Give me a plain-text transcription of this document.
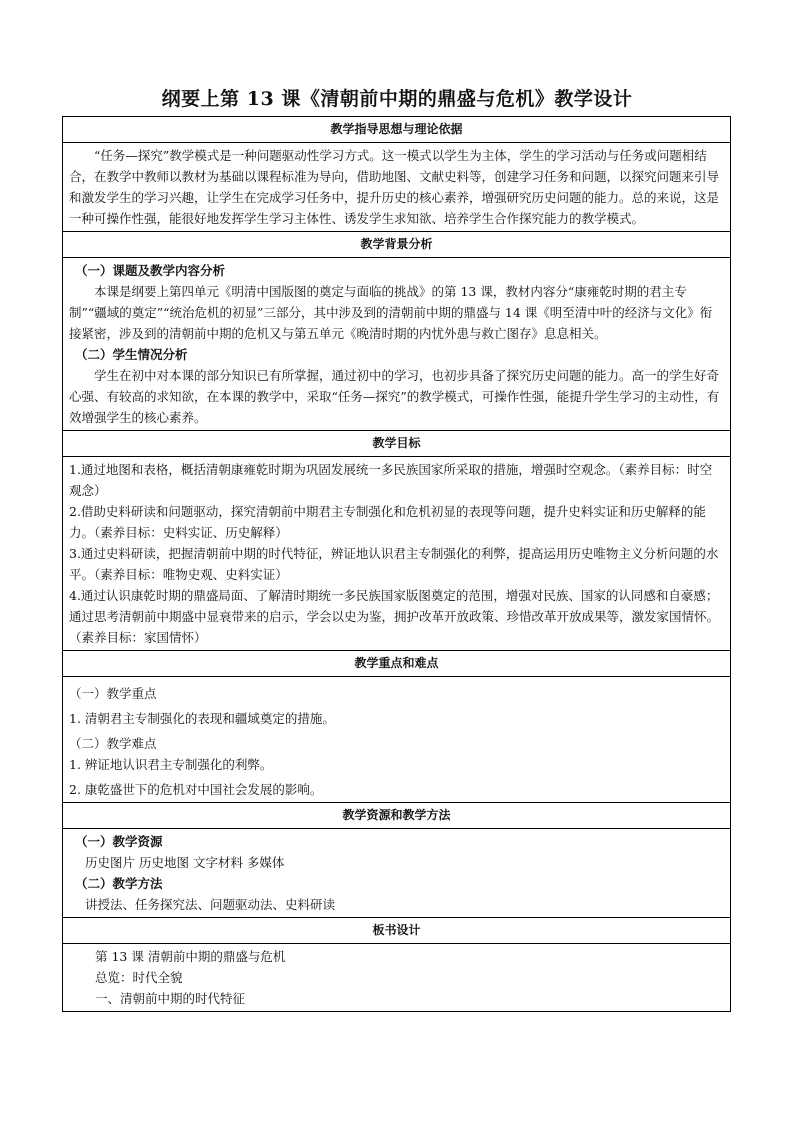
纲要上第 13 课《清朝前中期的鼎盛与危机》教学设计
教学指导思想与理论依据

“任务—探究”教学模式是一种问题驱动性学习方式。这一模式以学生为主体，学生的学习活动与任务或问题相结合，在教学中教师以教材为基础以课程标准为导向，借助地图、文献史料等，创建学习任务和问题，以探究问题来引导和激发学生的学习兴趣，让学生在完成学习任务中，提升历史的核心素养，增强研究历史问题的能力。总的来说，这是一种可操作性强，能很好地发挥学生学习主体性、诱发学生求知欲、培养学生合作探究能力的教学模式。

教学背景分析

（一）课题及教学内容分析

本课是纲要上第四单元《明清中国版图的奠定与面临的挑战》的第 13 课，教材内容分“康雍乾时期的君主专制”“疆域的奠定”“统治危机的初显”三部分，其中涉及到的清朝前中期的鼎盛与 14 课《明至清中叶的经济与文化》衔接紧密，涉及到的清朝前中期的危机又与第五单元《晚清时期的内忧外患与救亡图存》息息相关。

（二）学生情况分析

学生在初中对本课的部分知识已有所掌握，通过初中的学习，也初步具备了探究历史问题的能力。高一的学生好奇心强、有较高的求知欲，在本课的教学中，采取“任务—探究”的教学模式，可操作性强，能提升学生学习的主动性，有效增强学生的核心素养。

教学目标

1.通过地图和表格，概括清朝康雍乾时期为巩固发展统一多民族国家所采取的措施，增强时空观念。（素养目标：时空观念）

2.借助史料研读和问题驱动，探究清朝前中期君主专制强化和危机初显的表现等问题，提升史料实证和历史解释的能力。（素养目标：史料实证、历史解释）

3.通过史料研读，把握清朝前中期的时代特征，辨证地认识君主专制强化的利弊，提高运用历史唯物主义分析问题的水平。（素养目标：唯物史观、史料实证）

4.通过认识康乾时期的鼎盛局面、了解清时期统一多民族国家版图奠定的范围，增强对民族、国家的认同感和自豪感；通过思考清朝前中期盛中显衰带来的启示，学会以史为鉴，拥护改革开放政策、珍惜改革开放成果等，激发家国情怀。（素养目标：家国情怀）

教学重点和难点

（一）教学重点

1. 清朝君主专制强化的表现和疆域奠定的措施。

（二）教学难点

1. 辨证地认识君主专制强化的利弊。

2. 康乾盛世下的危机对中国社会发展的影响。

教学资源和教学方法

（一）教学资源

历史图片 历史地图 文字材料 多媒体

（二）教学方法

讲授法、任务探究法、问题驱动法、史料研读

板书设计

第 13 课 清朝前中期的鼎盛与危机

总览：时代全貌

一、清朝前中期的时代特征
